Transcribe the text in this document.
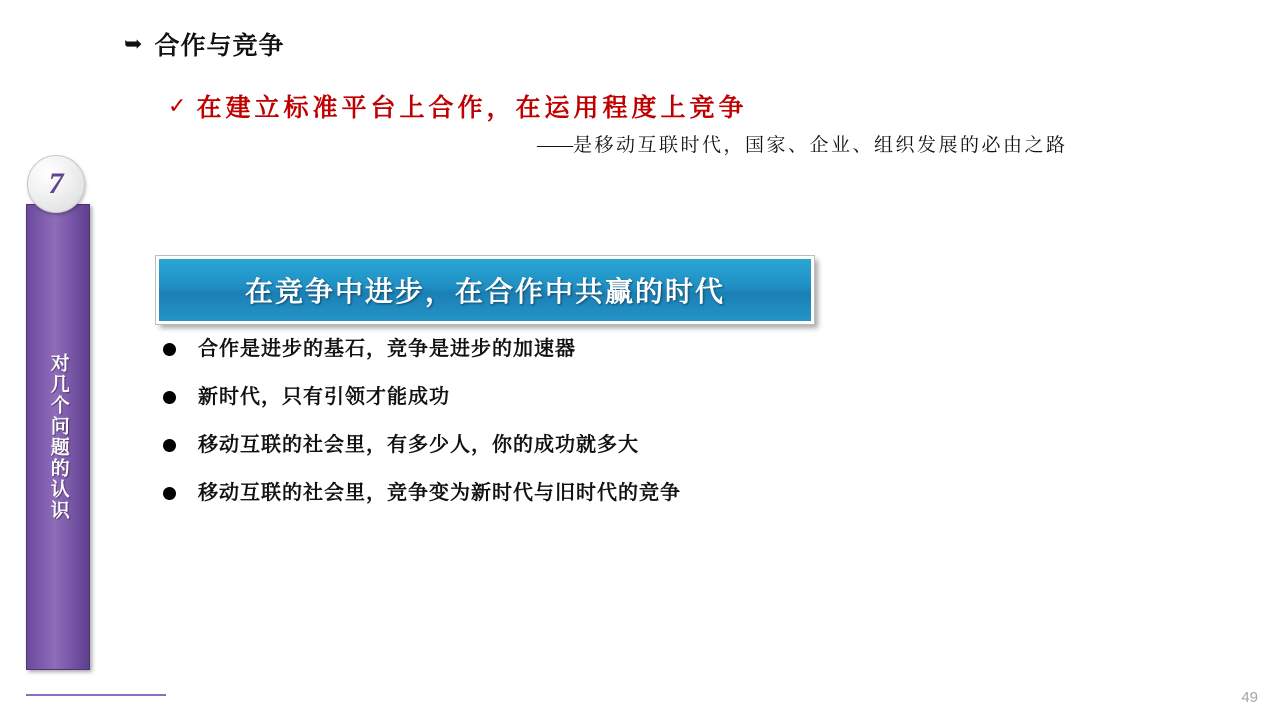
对几个问题的认识
7
➥ 合作与竞争
✓ 在建立标准平台上合作，在运用程度上竞争
—— 是移动互联时代，国家、企业、组织发展的必由之路
在竞争中进步，在合作中共赢的时代
合作是进步的基石，竞争是进步的加速器
新时代，只有引领才能成功
移动互联的社会里，有多少人，你的成功就多大
移动互联的社会里，竞争变为新时代与旧时代的竞争
49
